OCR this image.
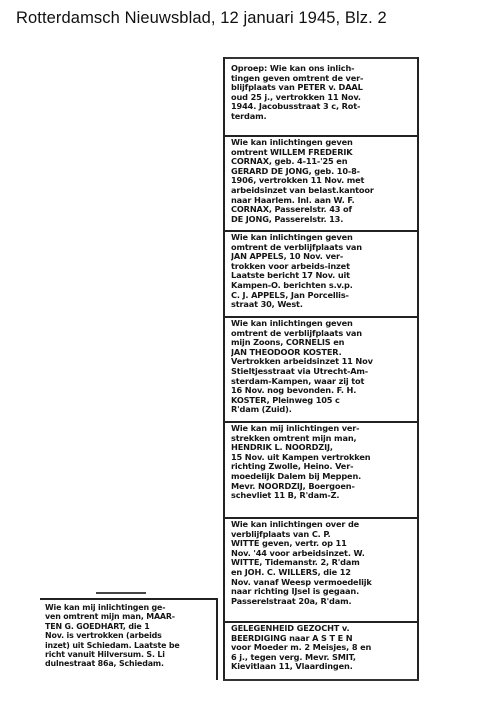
Rotterdamsch Nieuwsblad, 12 januari 1945, Blz. 2
Oproep: Wie kan ons inlich-
tingen geven omtrent de ver-
blijfplaats van PETER v. DAAL
oud 25 j., vertrokken 11 Nov.
1944. Jacobusstraat 3 c, Rot-
terdam.
Wie kan inlichtingen geven
omtrent WILLEM FREDERIK
CORNAX, geb. 4-11-'25 en
GERARD DE JONG, geb. 10-8-
1906, vertrokken 11 Nov. met
arbeidsinzet van belast.kantoor
naar Haarlem. Inl. aan W. F.
CORNAX, Passerelstr. 43 of
DE JONG, Passerelstr. 13.
Wie kan inlichtingen geven
omtrent de verblijfplaats van
JAN APPELS, 10 Nov. ver-
trokken voor arbeids-inzet
Laatste bericht 17 Nov. uit
Kampen-O. berichten s.v.p.
C. J. APPELS, Jan Porcellis-
straat 30, West.
Wie kan inlichtingen geven
omtrent de verblijfplaats van
mijn Zoons, CORNELIS en
JAN THEODOOR KOSTER.
Vertrokken arbeidsinzet 11 Nov
Stieltjesstraat via Utrecht-Am-
sterdam-Kampen, waar zij tot
16 Nov. nog bevonden. F. H.
KOSTER, Pleinweg 105 c
R'dam (Zuid).
Wie kan mij inlichtingen ver-
strekken omtrent mijn man,
HENDRIK L. NOORDZIJ,
15 Nov. uit Kampen vertrokken
richting Zwolle, Heino. Ver-
moedelijk Dalem bij Meppen.
Mevr. NOORDZIJ, Boergoen-
schevliet 11 B, R'dam-Z.
Wie kan inlichtingen over de
verblijfplaats van C. P.
WITTE geven, vertr. op 11
Nov. '44 voor arbeidsinzet. W.
WITTE, Tidemanstr. 2, R'dam
en JOH. C. WILLERS, die 12
Nov. vanaf Weesp vermoedelijk
naar richting IJsel is gegaan.
Passerelstraat 20a, R'dam.
GELEGENHEID GEZOCHT v.
BEERDIGING naar A S T E N
voor Moeder m. 2 Meisjes, 8 en
6 j., tegen verg. Mevr. SMIT,
Kievitlaan 11, Vlaardingen.
Wie kan mij inlichtingen ge-
ven omtrent mijn man, MAAR-
TEN G. GOEDHART, die 1
Nov. is vertrokken (arbeids
inzet) uit Schiedam. Laatste be
richt vanuit Hilversum. S. Li
dulnestraat 86a, Schiedam.
